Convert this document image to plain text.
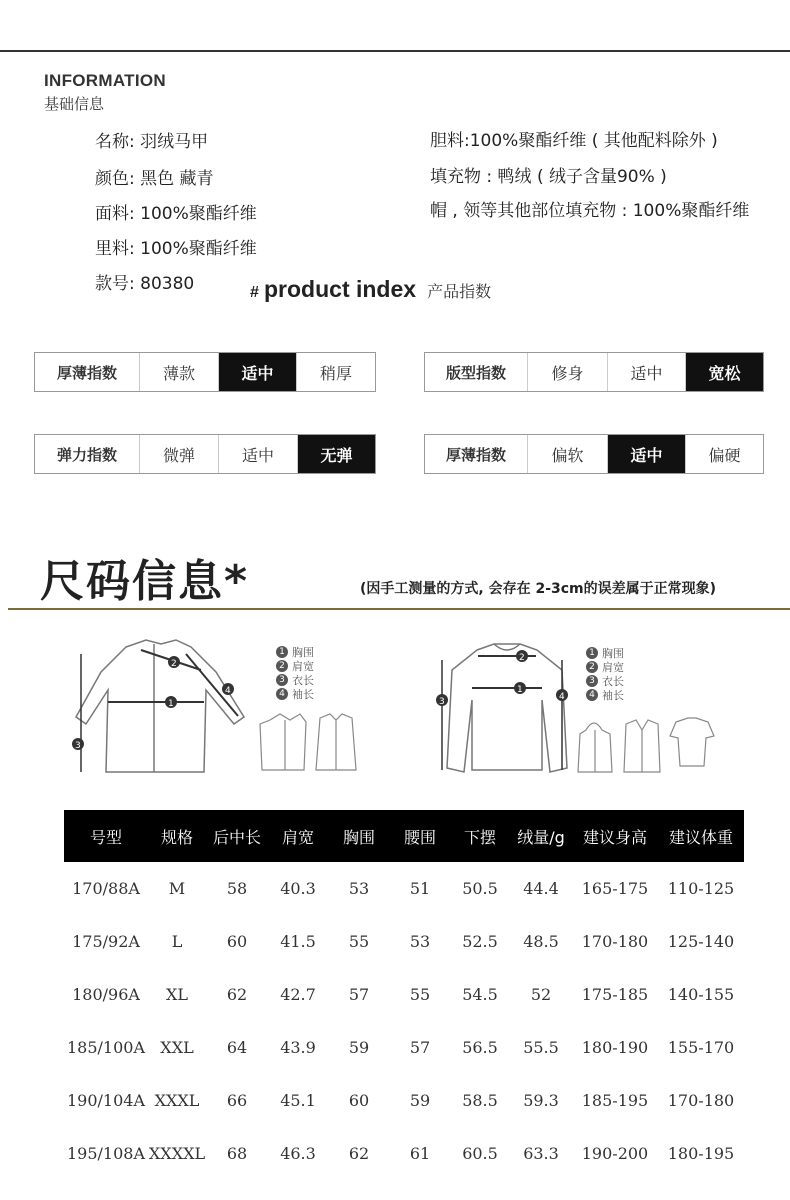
INFORMATION
基础信息
名称: 羽绒马甲
颜色: 黑色 藏青
面料: 100%聚酯纤维
里料: 100%聚酯纤维
款号: 80380
胆料:100%聚酯纤维 ( 其他配料除外 )
填充物 : 鸭绒 ( 绒子含量90% )
帽 , 领等其他部位填充物 : 100%聚酯纤维
# product index 产品指数
厚薄指数	薄款	适中	稍厚	版型指数	修身	适中	宽松
弹力指数	微弹	适中	无弹	厚薄指数	偏软	适中	偏硬
尺码信息*	(因手工测量的方式, 会存在 2-3cm的误差属于正常现象)
1
2
3
4
1 胸围
2 肩宽
3 衣长
4 袖长	1
2
3	4
1 胸围
2 肩宽
3 衣长
4 袖长
号型	规格	后中长	肩宽	胸围	腰围	下摆	绒量/g	建议身高	建议体重
170/88A	M	58	40.3	53	51	50.5	44.4	165-175	110-125
175/92A	L	60	41.5	55	53	52.5	48.5	170-180	125-140
180/96A	XL	62	42.7	57	55	54.5	52	175-185	140-155
185/100A	XXL	64	43.9	59	57	56.5	55.5	180-190	155-170
190/104A	XXXL	66	45.1	60	59	58.5	59.3	185-195	170-180
195/108A	XXXXL	68	46.3	62	61	60.5	63.3	190-200	180-195
